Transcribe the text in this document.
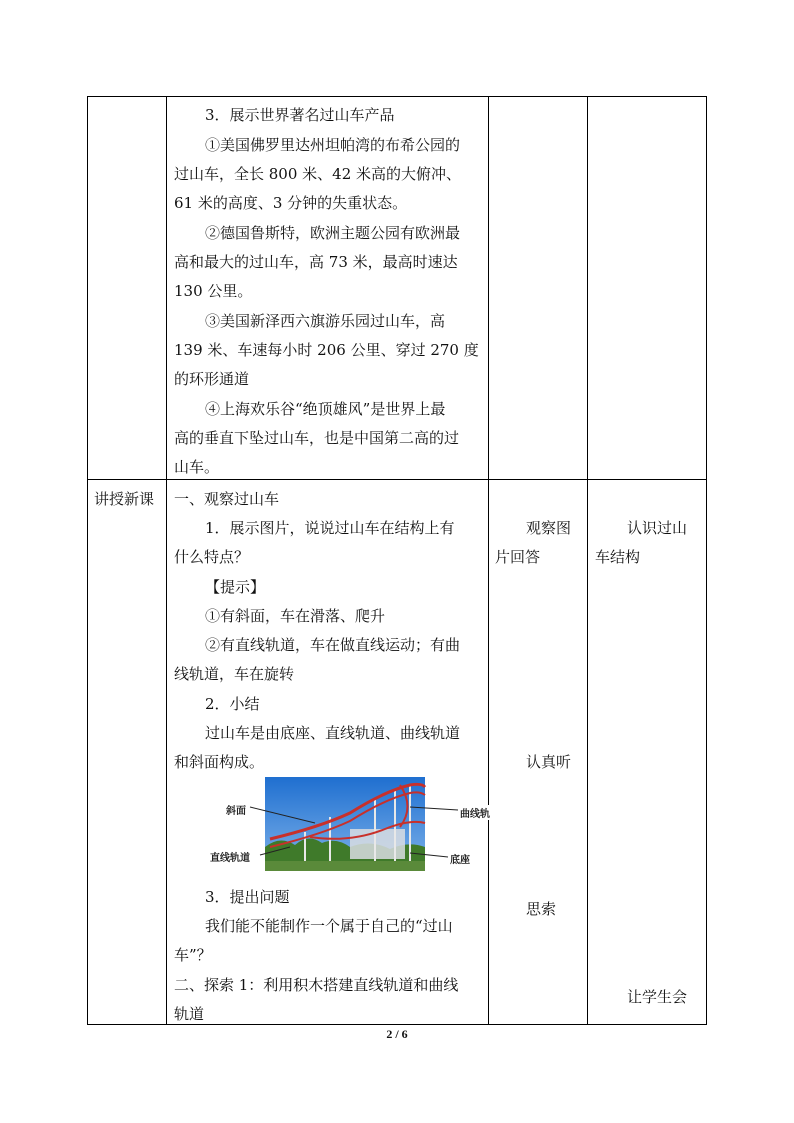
讲授新课
3．展示世界著名过山车产品
①美国佛罗里达州坦帕湾的布希公园的
过山车，全长 800 米、42 米高的大俯冲、
61 米的高度、3 分钟的失重状态。
②德国鲁斯特，欧洲主题公园有欧洲最
高和最大的过山车，高 73 米，最高时速达
130 公里。
③美国新泽西六旗游乐园过山车，高
139 米、车速每小时 206 公里、穿过 270 度
的环形通道
④上海欢乐谷“绝顶雄风”是世界上最
高的垂直下坠过山车，也是中国第二高的过
山车。
一、观察过山车
1．展示图片，说说过山车在结构上有
什么特点？
【提示】
①有斜面，车在滑落、爬升
②有直线轨道，车在做直线运动；有曲
线轨道，车在旋转
2．小结
过山车是由底座、直线轨道、曲线轨道
和斜面构成。
斜面	曲线轨
直线轨道	底座
3．提出问题
我们能不能制作一个属于自己的“过山
车”？
二、探索 1：利用积木搭建直线轨道和曲线
轨道
观察图
片回答
认真听
思索
认识过山
车结构
让学生会
2 / 6
